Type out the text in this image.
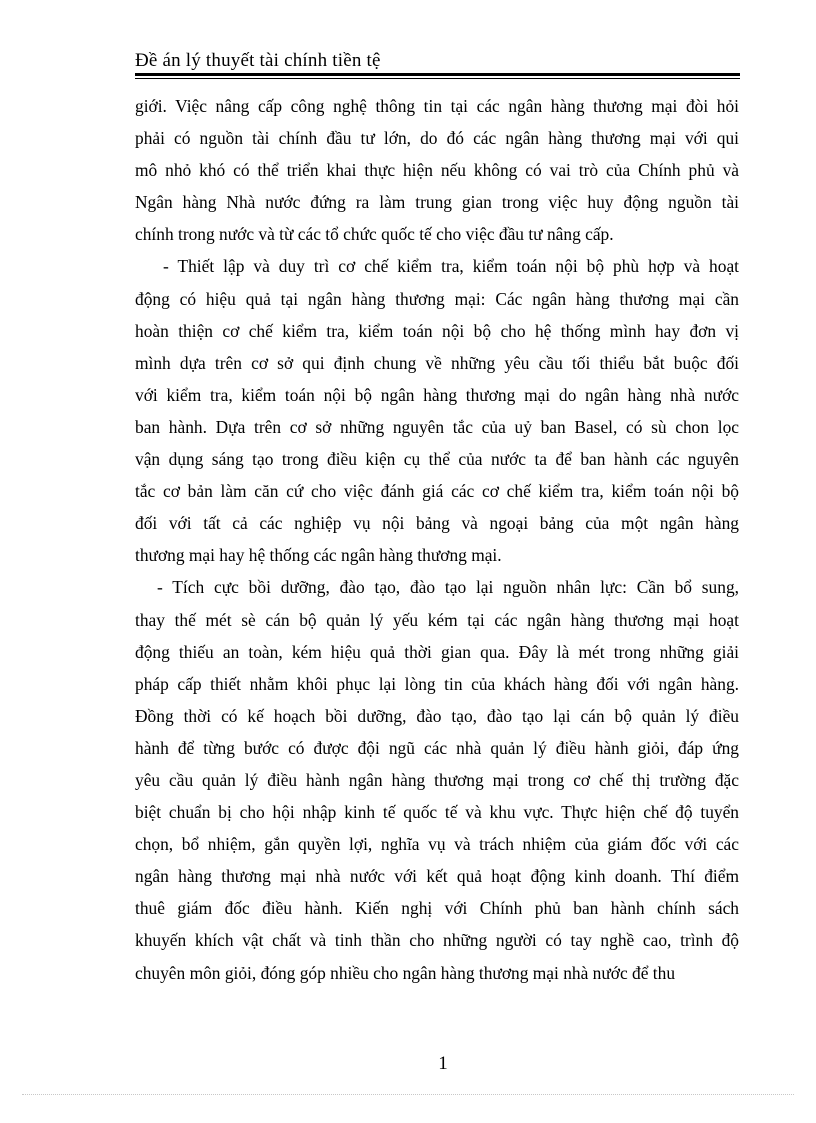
Đề án lý thuyết tài chính tiền tệ
giới. Việc nâng cấp công nghệ thông tin tại các ngân hàng thương mại đòi hỏi
phải có nguồn tài chính đầu tư lớn, do đó các ngân hàng thương mại với qui
mô nhỏ khó có thể triển khai thực hiện nếu không có vai trò của Chính phủ và
Ngân hàng Nhà nước đứng ra làm trung gian trong việc huy động nguồn tài
chính trong nước và từ các tổ chức quốc tế cho việc đầu tư nâng cấp.
- Thiết lập và duy trì cơ chế kiểm tra, kiểm toán nội bộ phù hợp và hoạt
động có hiệu quả tại ngân hàng thương mại: Các ngân hàng thương mại cần
hoàn thiện cơ chế kiểm tra, kiểm toán nội bộ cho hệ thống mình hay đơn vị
mình dựa trên cơ sở qui định chung về những yêu cầu tối thiểu bắt buộc đối
với kiểm tra, kiểm toán nội bộ ngân hàng thương mại do ngân hàng nhà nước
ban hành. Dựa trên cơ sở những nguyên tắc của uỷ ban Basel, có sù chon lọc
vận dụng sáng tạo trong điều kiện cụ thể của nước ta để ban hành các nguyên
tắc cơ bản làm căn cứ cho việc đánh giá các cơ chế kiểm tra, kiểm toán nội bộ
đối với tất cả các nghiệp vụ nội bảng và ngoại bảng của một ngân hàng
thương mại hay hệ thống các ngân hàng thương mại.
- Tích cực bồi dưỡng, đào tạo, đào tạo lại nguồn nhân lực: Cần bổ sung,
thay thế mét sè cán bộ quản lý yếu kém tại các ngân hàng thương mại hoạt
động thiếu an toàn, kém hiệu quả thời gian qua. Đây là mét trong những giải
pháp cấp thiết nhằm khôi phục lại lòng tin của khách hàng đối với ngân hàng.
Đồng thời có kế hoạch bồi dưỡng, đào tạo, đào tạo lại cán bộ quản lý điều
hành để từng bước có được đội ngũ các nhà quản lý điều hành giỏi, đáp ứng
yêu cầu quản lý điều hành ngân hàng thương mại trong cơ chế thị trường đặc
biệt chuẩn bị cho hội nhập kinh tế quốc tế và khu vực. Thực hiện chế độ tuyển
chọn, bổ nhiệm, gắn quyền lợi, nghĩa vụ và trách nhiệm của giám đốc với các
ngân hàng thương mại nhà nước với kết quả hoạt động kinh doanh. Thí điểm
thuê giám đốc điều hành. Kiến nghị với Chính phủ ban hành chính sách
khuyến khích vật chất và tinh thần cho những người có tay nghề cao, trình độ
chuyên môn giỏi, đóng góp nhiều cho ngân hàng thương mại nhà nước để thu
1
